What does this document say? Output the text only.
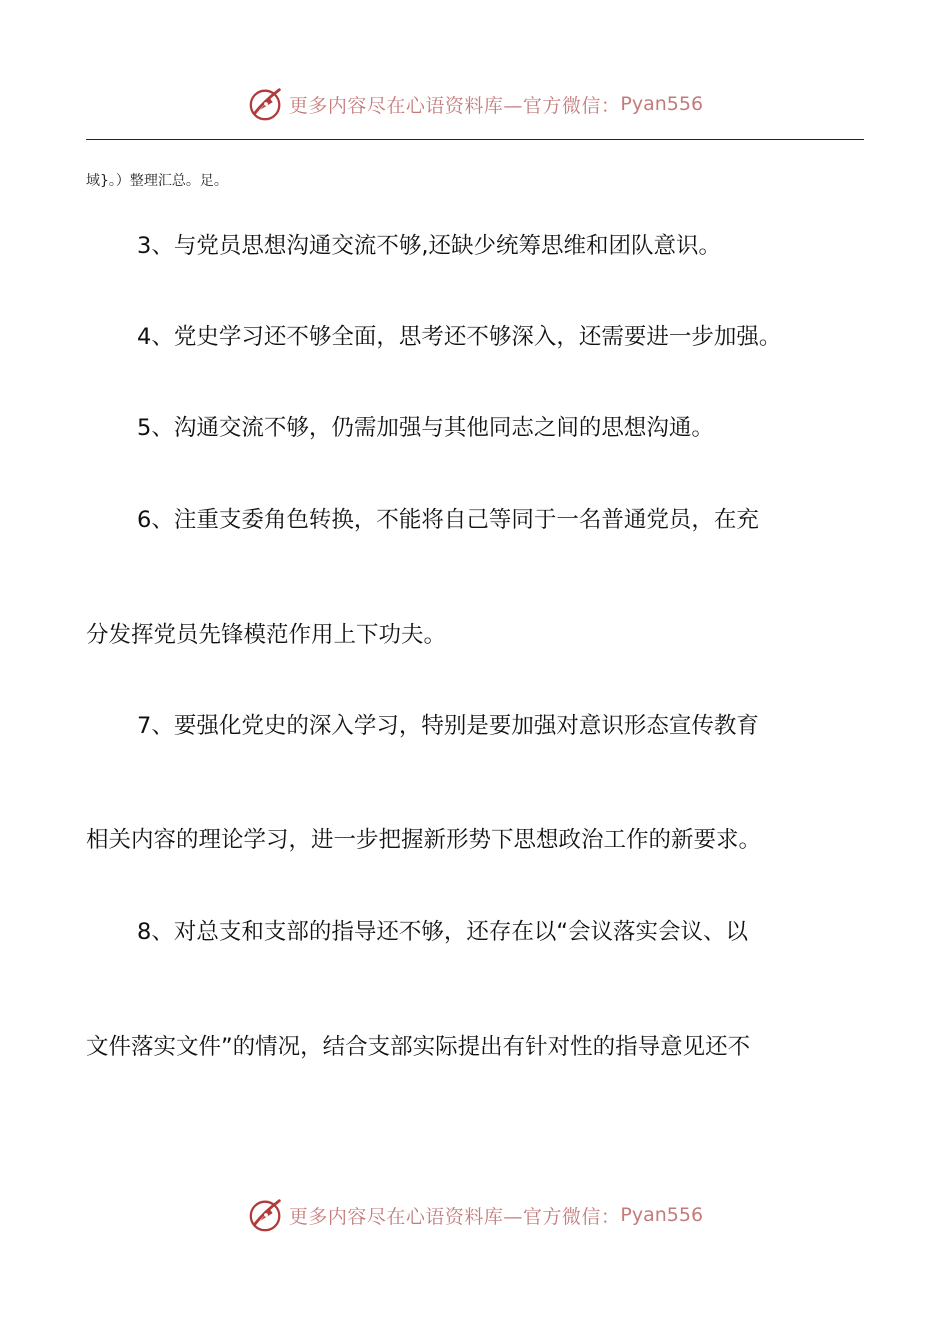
更多内容尽在心语资料库—官方微信： Pyan556
域}。）整理汇总。足。
3、与党员思想沟通交流不够,还缺少统筹思维和团队意识。
4、党史学习还不够全面，思考还不够深入，还需要进一步加强。
5、沟通交流不够，仍需加强与其他同志之间的思想沟通。
6、注重支委角色转换，不能将自己等同于一名普通党员，在充
分发挥党员先锋模范作用上下功夫。
7、要强化党史的深入学习，特别是要加强对意识形态宣传教育
相关内容的理论学习，进一步把握新形势下思想政治工作的新要求。
8、对总支和支部的指导还不够，还存在以“会议落实会议、以
文件落实文件”的情况，结合支部实际提出有针对性的指导意见还不
更多内容尽在心语资料库—官方微信： Pyan556
